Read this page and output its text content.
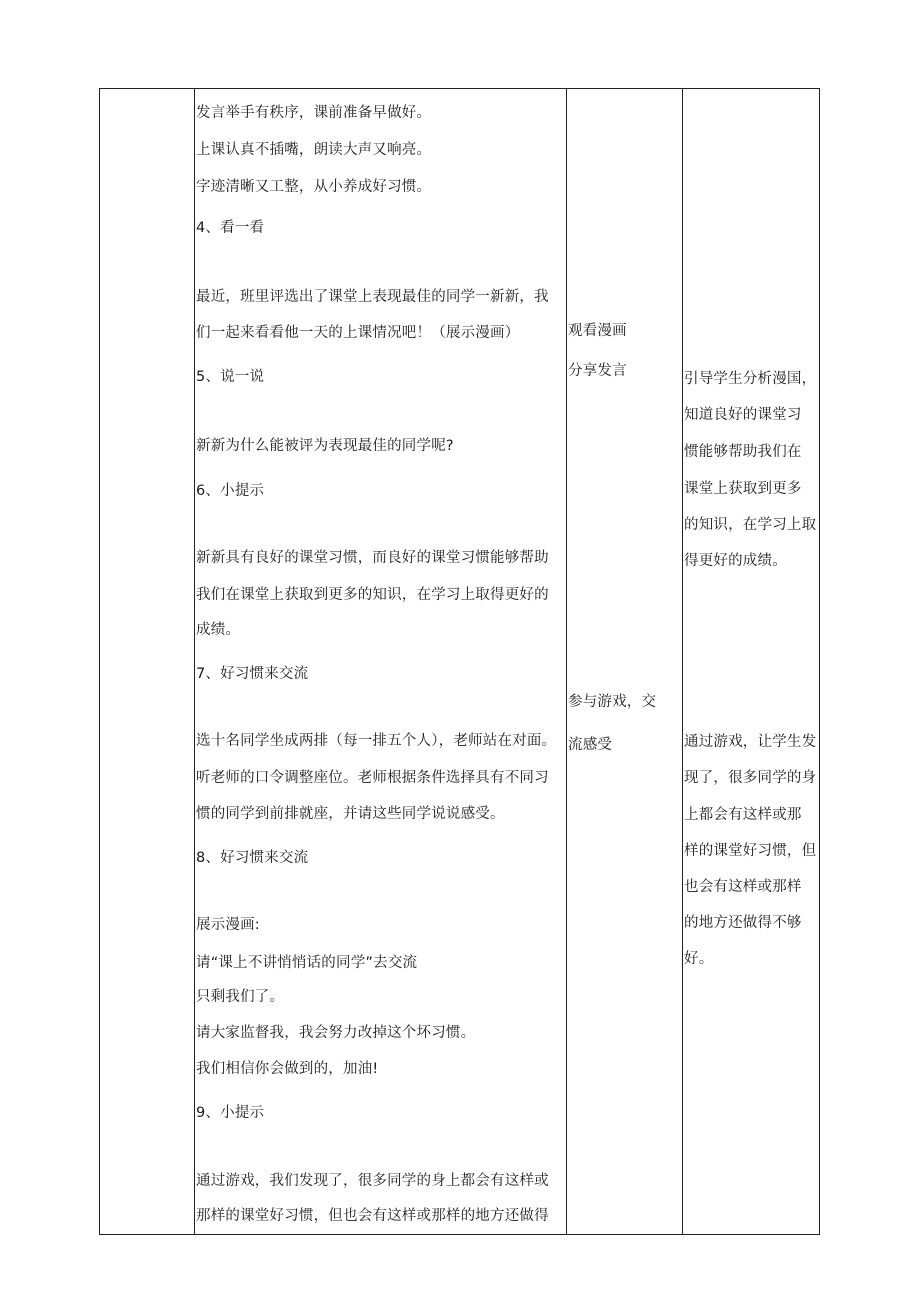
发言举手有秩序，课前准备早做好。
上课认真不插嘴，朗读大声又响亮。
字迹清晰又工整，从小养成好习惯。
4、看一看
最近，班里评选出了课堂上表现最佳的同学一新新，我
们一起来看看他一天的上课情况吧！（展示漫画）
5、说一说
新新为什么能被评为表现最佳的同学呢?
6、小提示
新新具有良好的课堂习惯，而良好的课堂习惯能够帮助
我们在课堂上获取到更多的知识，在学习上取得更好的
成绩。
7、好习惯来交流
选十名同学坐成两排（每一排五个人），老师站在对面。
听老师的口令调整座位。老师根据条件选择具有不同习
惯的同学到前排就座，并请这些同学说说感受。
8、好习惯来交流
展示漫画:
请“课上不讲悄悄话的同学”去交流
只剩我们了。
请大家监督我，我会努力改掉这个坏习惯。
我们相信你会做到的，加油!
9、小提示
通过游戏，我们发现了，很多同学的身上都会有这样或
那样的课堂好习惯，但也会有这样或那样的地方还做得
观看漫画
分享发言
参与游戏，交
流感受
引导学生分析漫国，
知道良好的课堂习
惯能够帮助我们在
课堂上获取到更多
的知识，在学习上取
得更好的成绩。
通过游戏，让学生发
现了，很多同学的身
上都会有这样或那
样的课堂好习惯，但
也会有这样或那样
的地方还做得不够
好。
